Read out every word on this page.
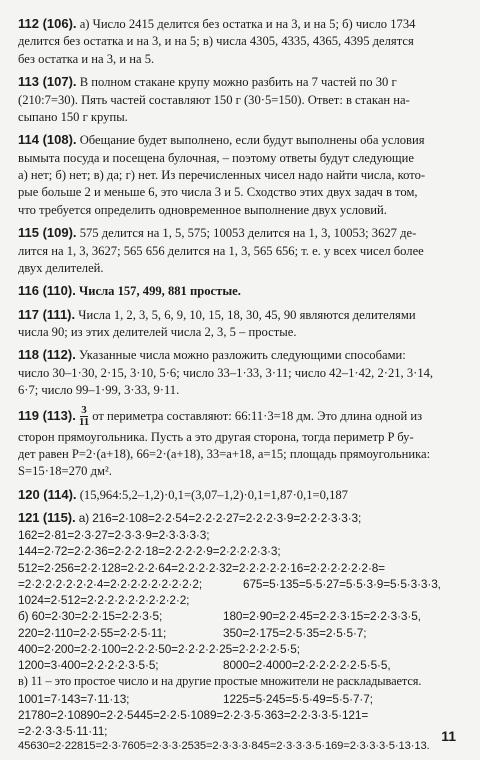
112 (106). а) Число 2415 делится без остатка и на 3, и на 5; б) число 1734

делится без остатка и на 3, и на 5; в) числа 4305, 4335, 4365, 4395 делятся

без остатка и на 3, и на 5.

113 (107). В полном стакане крупу можно разбить на 7 частей по 30 г

(210:7=30). Пять частей составляют 150 г (30·5=150). Ответ: в стакан на-

сыпано 150 г крупы.

114 (108). Обещание будет выполнено, если будут выполнены оба условия

вымыта посуда и посещена булочная, – поэтому ответы будут следующие

а) нет; б) нет; в) да; г) нет. Из перечисленных чисел надо найти числа, кото-

рые больше 2 и меньше 6, это числа 3 и 5. Сходство этих двух задач в том,

что требуется определить одновременное выполнение двух условий.

115 (109). 575 делится на 1, 5, 575; 10053 делится на 1, 3, 10053; 3627 де-

лится на 1, 3, 3627; 565 656 делится на 1, 3, 565 656; т. е. у всех чисел более

двух делителей.

116 (110). Числа 157, 499, 881 простые.

117 (111). Числа 1, 2, 3, 5, 6, 9, 10, 15, 18, 30, 45, 90 являются делителями

числа 90; из этих делителей числа 2, 3, 5 – простые.

118 (112). Указанные числа можно разложить следующими способами:

число 30–1·30, 2·15, 3·10, 5·6; число 33–1·33, 3·11; число 42–1·42, 2·21, 3·14,

6·7; число 99–1·99, 3·33, 9·11.

119 (113). $\frac{3}{11}$ от периметра составляют: 66:11·3=18 дм. Это длина одной из

сторон прямоугольника. Пусть a это другая сторона, тогда периметр P бу-

дет равен P=2·(a+18), 66=2·(a+18), 33=a+18, a=15; площадь прямоугольника:

S=15·18=270 дм².

120 (114). (15,964:5,2–1,2)·0,1=(3,07–1,2)·0,1=1,87·0,1=0,187

121 (115). а) 216=2·108=2·2·54=2·2·2·27=2·2·2·3·9=2·2·2·3·3·3;

162=2·81=2·3·27=2·3·3·9=2·3·3·3·3;

144=2·72=2·2·36=2·2·2·18=2·2·2·2·9=2·2·2·2·3·3;

512=2·256=2·2·128=2·2·2·64=2·2·2·2·32=2·2·2·2·2·16=2·2·2·2·2·2·8=

=2·2·2·2·2·2·2·4=2·2·2·2·2·2·2·2·2;	675=5·135=5·5·27=5·5·3·9=5·5·3·3·3,

1024=2·512=2·2·2·2·2·2·2·2·2·2;

б) 60=2·30=2·2·15=2·2·3·5;	180=2·90=2·2·45=2·2·3·15=2·2·3·3·5,

220=2·110=2·2·55=2·2·5·11;	350=2·175=2·5·35=2·5·5·7;

400=2·200=2·2·100=2·2·2·50=2·2·2·2·25=2·2·2·2·5·5;

1200=3·400=2·2·2·2·3·5·5;	8000=2·4000=2·2·2·2·2·2·5·5·5,

в) 11 – это простое число и на другие простые множители не раскладывается.

1001=7·143=7·11·13;	1225=5·245=5·5·49=5·5·7·7;

21780=2·10890=2·2·5445=2·2·5·1089=2·2·3·5·363=2·2·3·3·5·121=

=2·2·3·3·5·11·11;

45630=2·22815=2·3·7605=2·3·3·2535=2·3·3·3·845=2·3·3·3·5·169=2·3·3·3·5·13·13.

11
